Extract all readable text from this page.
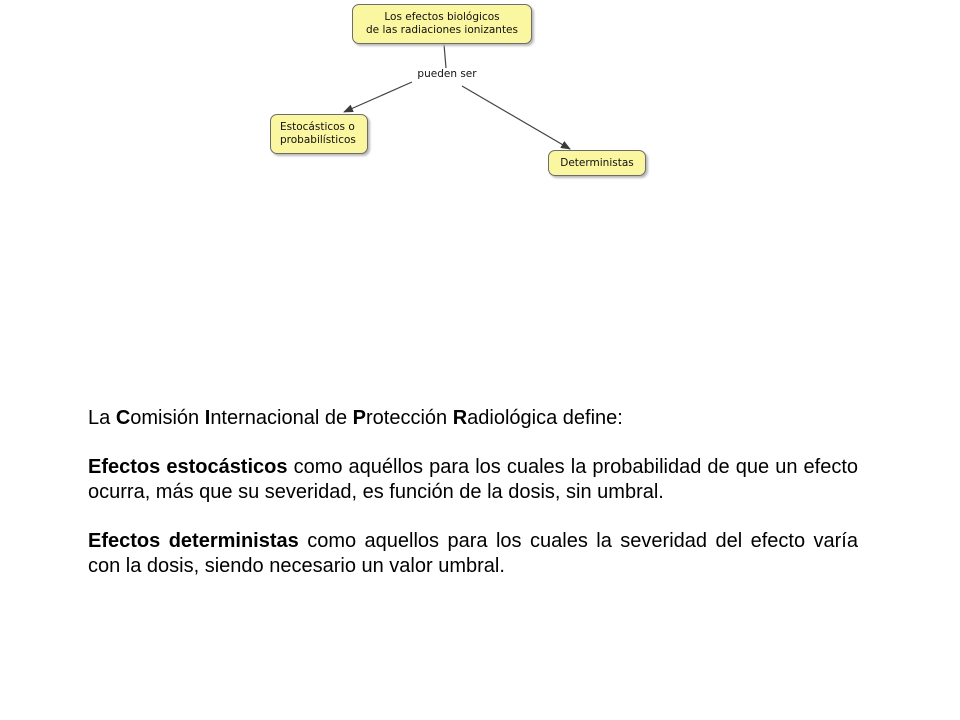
Los efectos biológicos
de las radiaciones ionizantes
pueden ser
Estocásticos o
probabilísticos
Deterministas

La Comisión Internacional de Protección Radiológica define:

Efectos estocásticos como aquéllos para los cuales la probabilidad de que un efecto ocurra, más que su severidad, es función de la dosis, sin umbral.

Efectos deterministas como aquellos para los cuales la severidad del efecto varía con la dosis, siendo necesario un valor umbral.
